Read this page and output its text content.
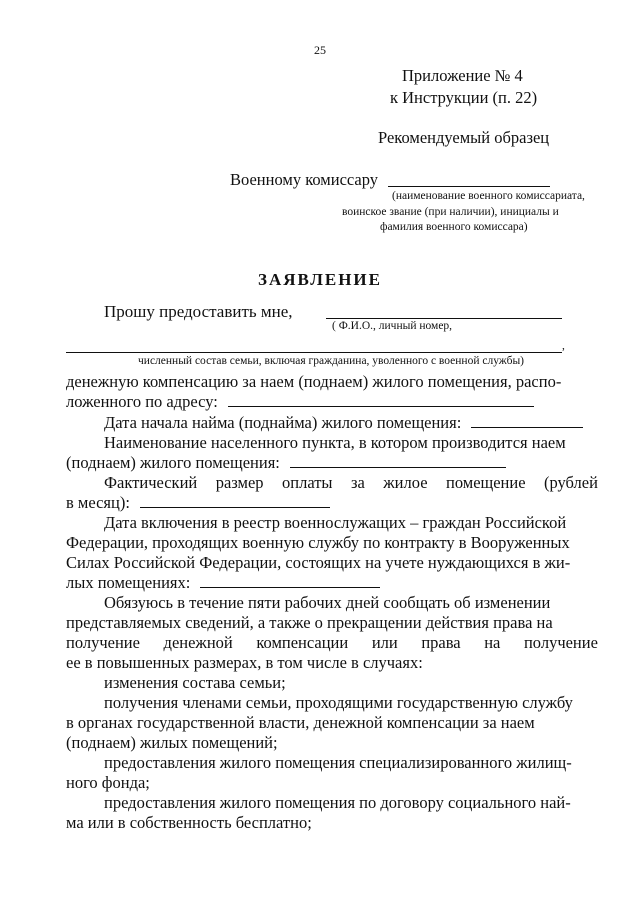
25
Приложение № 4
к Инструкции (п. 22)
Рекомендуемый образец
Военному комиссару
(наименование военного комиссариата,
воинское звание (при наличии), инициалы и
фамилия военного комиссара)
ЗАЯВЛЕНИЕ
Прошу предоставить мне,
( Ф.И.О., личный номер,
,
численный состав семьи, включая гражданина, уволенного с военной службы)
денежную компенсацию за наем (поднаем) жилого помещения, распо-
ложенного по адресу:
Дата начала найма (поднайма) жилого помещения:
Наименование населенного пункта, в котором производится наем
(поднаем) жилого помещения:
Фактический размер оплаты за жилое помещение (рублей
в месяц):
Дата включения в реестр военнослужащих – граждан Российской
Федерации, проходящих военную службу по контракту в Вооруженных
Силах Российской Федерации, состоящих на учете нуждающихся в жи-
лых помещениях:
Обязуюсь в течение пяти рабочих дней сообщать об изменении
представляемых сведений, а также о прекращении действия права на
получение денежной компенсации или права на получение
ее в повышенных размерах, в том числе в случаях:
изменения состава семьи;
получения членами семьи, проходящими государственную службу
в органах государственной власти, денежной компенсации за наем
(поднаем) жилых помещений;
предоставления жилого помещения специализированного жилищ-
ного фонда;
предоставления жилого помещения по договору социального най-
ма или в собственность бесплатно;
